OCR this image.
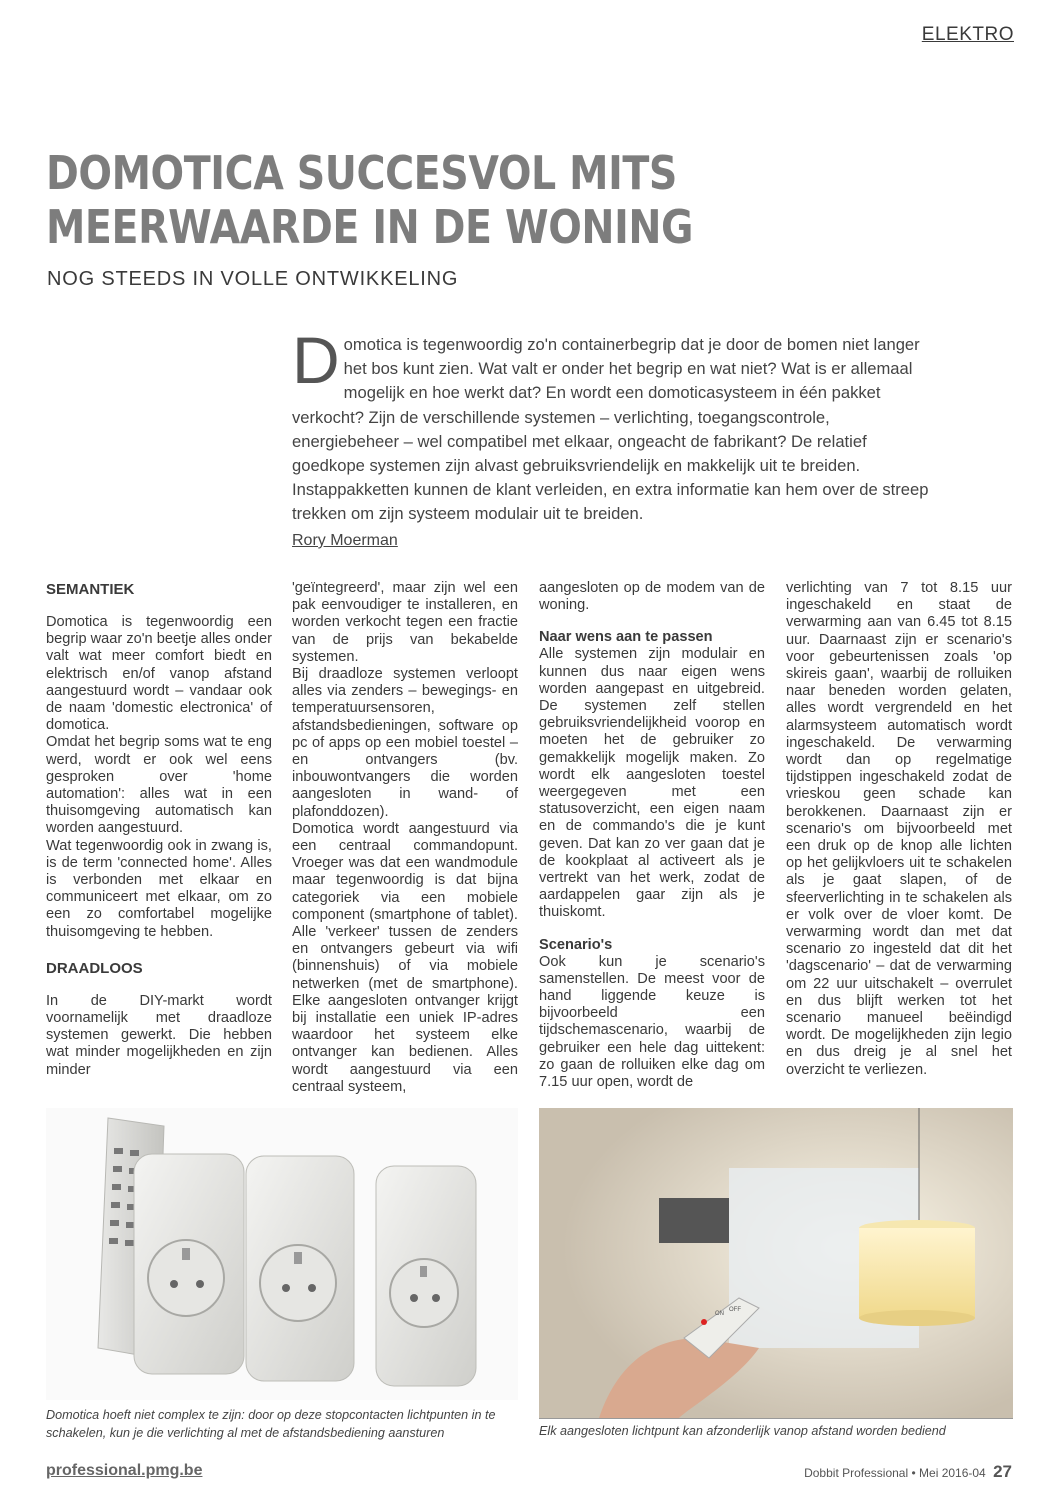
ELEKTRO
DOMOTICA SUCCESVOL MITS
MEERWAARDE IN DE WONING
NOG STEEDS IN VOLLE ONTWIKKELING

Domotica is tegenwoordig zo'n containerbegrip dat je door de bomen niet langer het bos kunt zien. Wat valt er onder het begrip en wat niet? Wat is er allemaal mogelijk en hoe werkt dat? En wordt een domoticasysteem in één pakket verkocht? Zijn de verschillende systemen – verlichting, toegangscontrole, energiebeheer – wel compatibel met elkaar, ongeacht de fabrikant? De relatief goedkope systemen zijn alvast gebruiksvriendelijk en makkelijk uit te breiden. Instappakketten kunnen de klant verleiden, en extra informatie kan hem over de streep trekken om zijn systeem modulair uit te breiden.

Rory Moerman
SEMANTIEK

Domotica is tegenwoordig een begrip waar zo'n beetje alles onder valt wat meer comfort biedt en elektrisch en/of vanop afstand aangestuurd wordt – vandaar ook de naam 'domestic electronica' of domotica.

Omdat het begrip soms wat te eng werd, wordt er ook wel eens gesproken over 'home automation': alles wat in een thuisomgeving automatisch kan worden aangestuurd.

Wat tegenwoordig ook in zwang is, is de term 'connected home'. Alles is verbonden met elkaar en communiceert met elkaar, om zo een zo comfortabel mogelijke thuisomgeving te hebben.

DRAADLOOS

In de DIY-markt wordt voornamelijk met draadloze systemen gewerkt. Die hebben wat minder mogelijkheden en zijn minder

'geïntegreerd', maar zijn wel een pak eenvoudiger te installeren, en worden verkocht tegen een fractie van de prijs van bekabelde systemen.

Bij draadloze systemen verloopt alles via zenders – bewegings- en temperatuursensoren, afstandsbedieningen, software op pc of apps op een mobiel toestel – en ontvangers (bv. inbouwontvangers die worden aangesloten in wand- of plafonddozen).

Domotica wordt aangestuurd via een centraal commandopunt. Vroeger was dat een wandmodule maar tegenwoordig is dat bijna categoriek via een mobiele component (smartphone of tablet). Alle 'verkeer' tussen de zenders en ontvangers gebeurt via wifi (binnenshuis) of via mobiele netwerken (met de smartphone). Elke aangesloten ontvanger krijgt bij installatie een uniek IP-adres waardoor het systeem elke ontvanger kan bedienen. Alles wordt aangestuurd via een centraal systeem,

aangesloten op de modem van de woning.

Naar wens aan te passen

Alle systemen zijn modulair en kunnen dus naar eigen wens worden aangepast en uitgebreid. De systemen zelf stellen gebruiksvriendelijkheid voorop en moeten het de gebruiker zo gemakkelijk mogelijk maken. Zo wordt elk aangesloten toestel weergegeven met een statusoverzicht, een eigen naam en de commando's die je kunt geven. Dat kan zo ver gaan dat je de kookplaat al activeert als je vertrekt van het werk, zodat de aardappelen gaar zijn als je thuiskomt.

Scenario's

Ook kun je scenario's samenstellen. De meest voor de hand liggende keuze is bijvoorbeeld een tijdschemascenario, waarbij de gebruiker een hele dag uittekent: zo gaan de rolluiken elke dag om 7.15 uur open, wordt de

verlichting van 7 tot 8.15 uur ingeschakeld en staat de verwarming aan van 6.45 tot 8.15 uur. Daarnaast zijn er scenario's voor gebeurtenissen zoals 'op skireis gaan', waarbij de rolluiken naar beneden worden gelaten, alles wordt vergrendeld en het alarmsysteem automatisch wordt ingeschakeld. De verwarming wordt dan op regelmatige tijdstippen ingeschakeld zodat de vrieskou geen schade kan berokkenen. Daarnaast zijn er scenario's om bijvoorbeeld met een druk op de knop alle lichten op het gelijkvloers uit te schakelen als je gaat slapen, of de sfeerverlichting in te schakelen als er volk over de vloer komt. De verwarming wordt dan met dat scenario zo ingesteld dat dit het 'dagscenario' – dat de verwarming om 22 uur uitschakelt – overrulet en dus blijft werken tot het scenario manueel beëindigd wordt. De mogelijkheden zijn legio en dus dreig je al snel het overzicht te verliezen.

Domotica hoeft niet complex te zijn: door op deze stopcontacten lichtpunten in te schakelen, kun je die verlichting al met de afstandsbediening aansturen
ON
OFF
Elk aangesloten lichtpunt kan afzonderlijk vanop afstand worden bediend
professional.pmg.be	Dobbit Professional • Mei 2016-04 27
